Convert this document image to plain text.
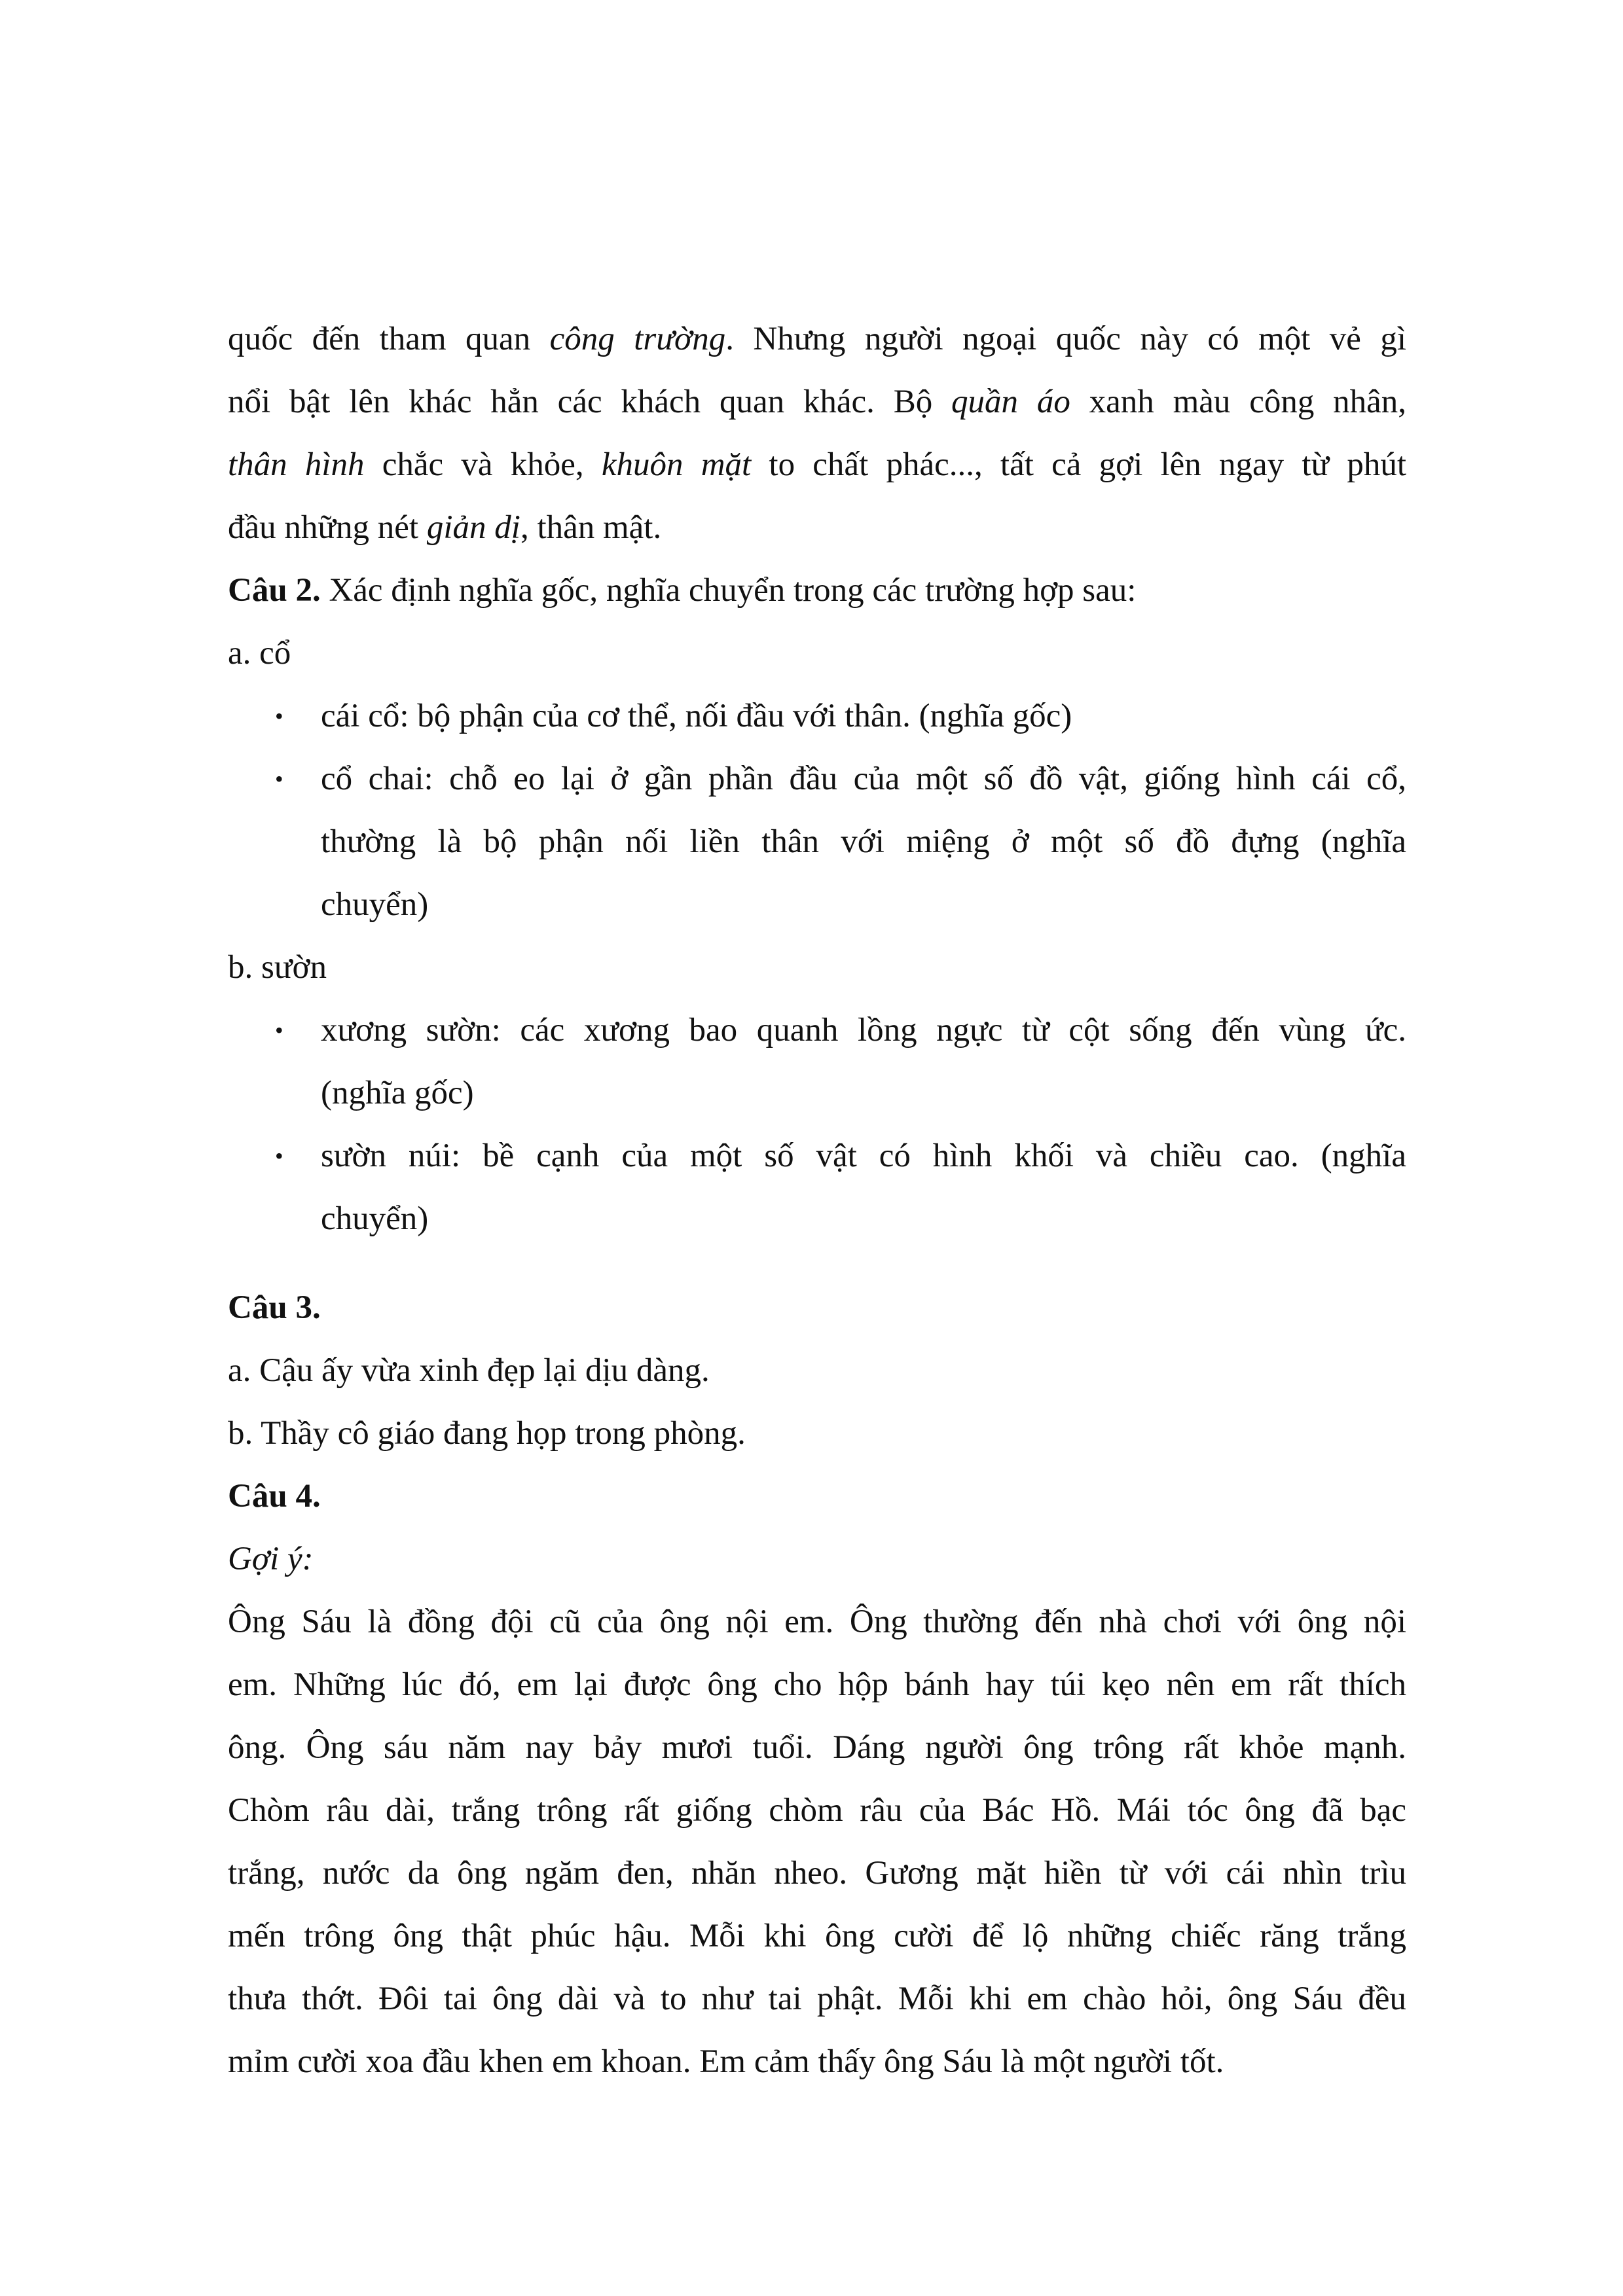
quốc đến tham quan công trường. Nhưng người ngoại quốc này có một vẻ gì
nổi bật lên khác hẳn các khách quan khác. Bộ quần áo xanh màu công nhân,
thân hình chắc và khỏe, khuôn mặt to chất phác..., tất cả gợi lên ngay từ phút
đầu những nét giản dị, thân mật.
Câu 2. Xác định nghĩa gốc, nghĩa chuyển trong các trường hợp sau:
a. cổ
• cái cổ: bộ phận của cơ thể, nối đầu với thân. (nghĩa gốc)
• cổ chai: chỗ eo lại ở gần phần đầu của một số đồ vật, giống hình cái cổ,
thường là bộ phận nối liền thân với miệng ở một số đồ đựng (nghĩa
chuyển)
b. sườn
• xương sườn: các xương bao quanh lồng ngực từ cột sống đến vùng ức.
(nghĩa gốc)
• sườn núi: bề cạnh của một số vật có hình khối và chiều cao. (nghĩa
chuyển)
Câu 3.
a. Cậu ấy vừa xinh đẹp lại dịu dàng.
b. Thầy cô giáo đang họp trong phòng.
Câu 4.
Gợi ý:
Ông Sáu là đồng đội cũ của ông nội em. Ông thường đến nhà chơi với ông nội
em. Những lúc đó, em lại được ông cho hộp bánh hay túi kẹo nên em rất thích
ông. Ông sáu năm nay bảy mươi tuổi. Dáng người ông trông rất khỏe mạnh.
Chòm râu dài, trắng trông rất giống chòm râu của Bác Hồ. Mái tóc ông đã bạc
trắng, nước da ông ngăm đen, nhăn nheo. Gương mặt hiền từ với cái nhìn trìu
mến trông ông thật phúc hậu. Mỗi khi ông cười để lộ những chiếc răng trắng
thưa thớt. Đôi tai ông dài và to như tai phật. Mỗi khi em chào hỏi, ông Sáu đều
mỉm cười xoa đầu khen em khoan. Em cảm thấy ông Sáu là một người tốt.
